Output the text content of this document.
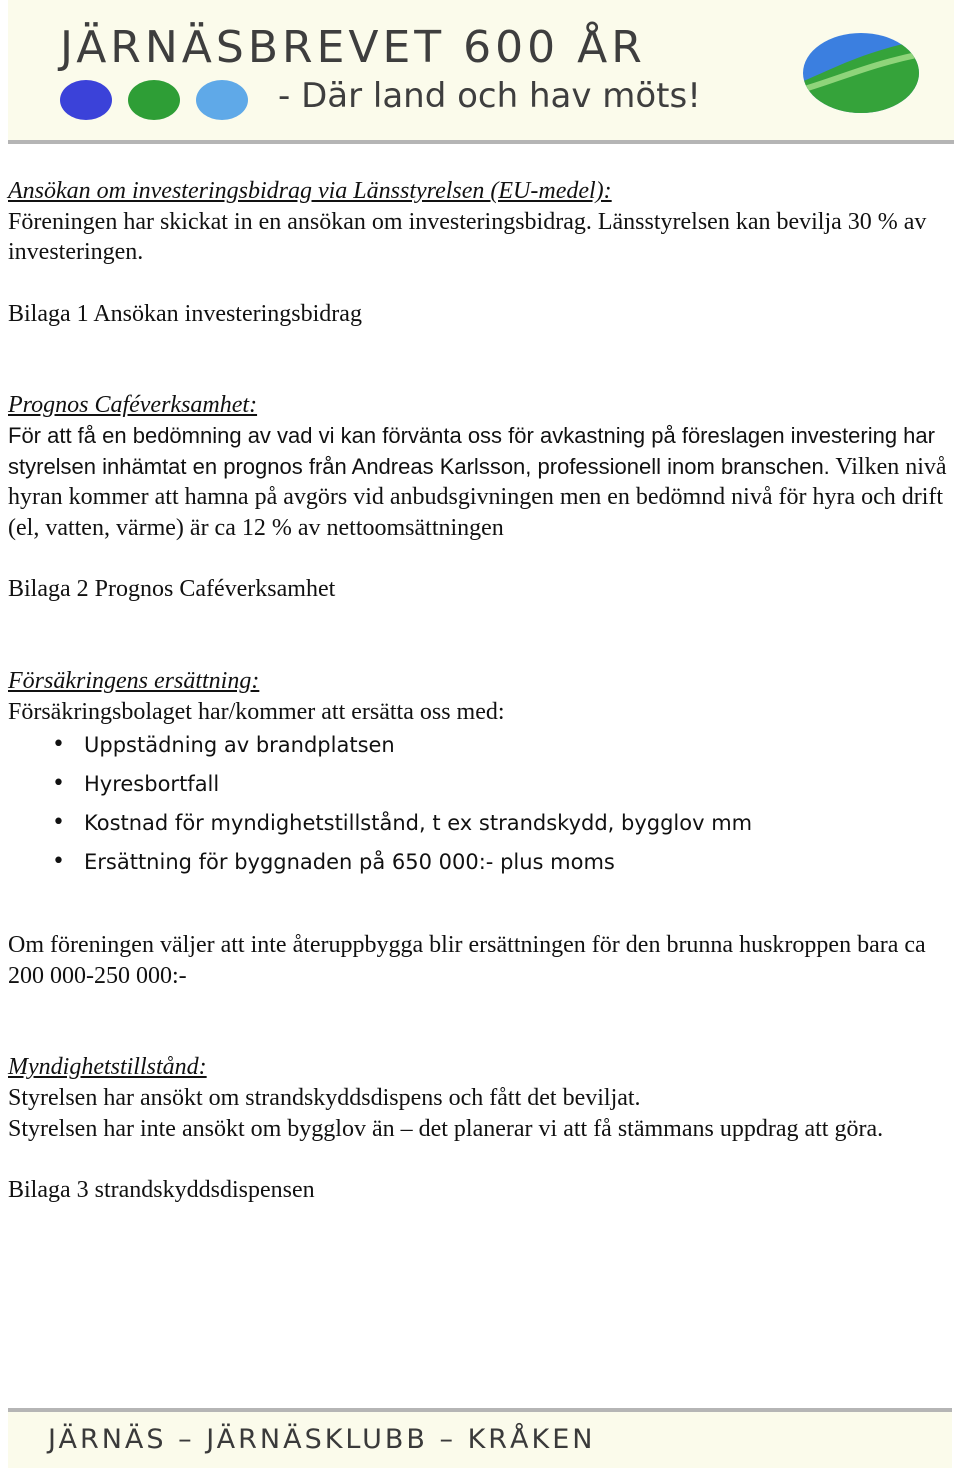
JÄRNÄSBREVET 600 ÅR
- Där land och hav möts!

Ansökan om investeringsbidrag via Länsstyrelsen (EU-medel):

Föreningen har skickat in en ansökan om investeringsbidrag. Länsstyrelsen kan bevilja 30 % av investeringen.

Bilaga 1 Ansökan investeringsbidrag

Prognos Caféverksamhet:

För att få en bedömning av vad vi kan förvänta oss för avkastning på föreslagen investering har styrelsen inhämtat en prognos från Andreas Karlsson, professionell inom branschen. Vilken nivå hyran kommer att hamna på avgörs vid anbudsgivningen men en bedömnd nivå för hyra och drift (el, vatten, värme) är ca 12 % av nettoomsättningen

Bilaga 2 Prognos Caféverksamhet

Försäkringens ersättning:

Försäkringsbolaget har/kommer att ersätta oss med:

• Uppstädning av brandplatsen
• Hyresbortfall
• Kostnad för myndighetstillstånd, t ex strandskydd, bygglov mm
• Ersättning för byggnaden på 650 000:- plus moms

Om föreningen väljer att inte återuppbygga blir ersättningen för den brunna huskroppen bara ca 200 000-250 000:-

Myndighetstillstånd:

Styrelsen har ansökt om strandskyddsdispens och fått det beviljat.

Styrelsen har inte ansökt om bygglov än – det planerar vi att få stämmans uppdrag att göra.

Bilaga 3 strandskyddsdispensen

JÄRNÄS – JÄRNÄSKLUBB – KRÅKEN
